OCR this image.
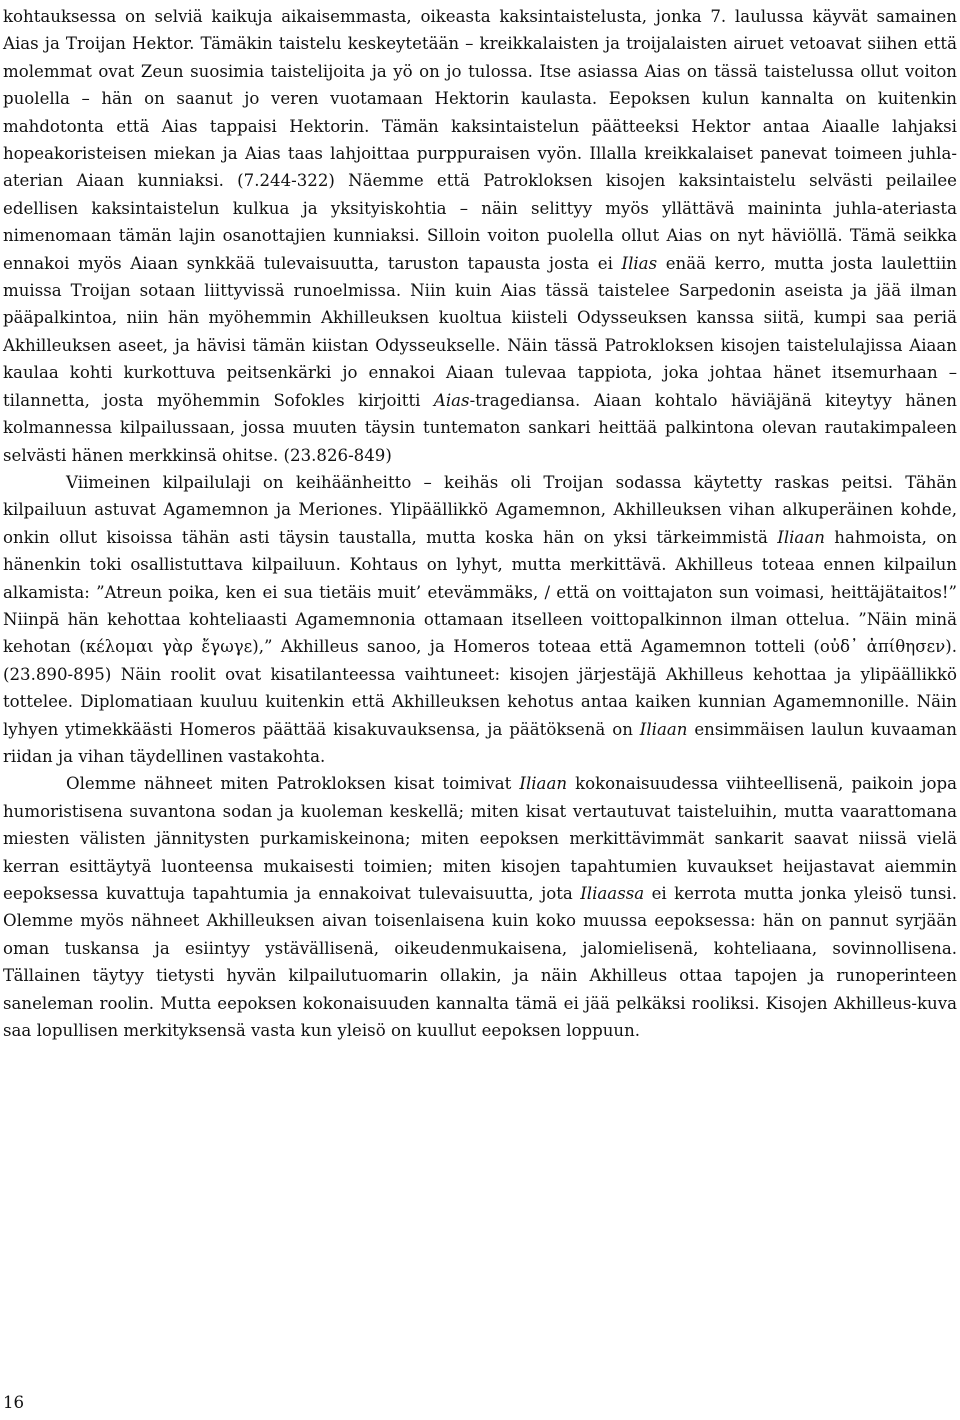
kohtauksessa on selviä kaikuja aikaisemmasta, oikeasta kaksintaistelusta, jonka 7. laulussa käyvät samainen Aias ja Troijan Hektor. Tämäkin taistelu keskeytetään – kreikkalaisten ja troijalaisten airuet vetoavat siihen että molemmat ovat Zeun suosimia taistelijoita ja yö on jo tulossa. Itse asiassa Aias on tässä taistelussa ollut voiton puolella – hän on saanut jo veren vuotamaan Hektorin kaulasta. Eepoksen kulun kannalta on kuitenkin mahdotonta että Aias tappaisi Hektorin. Tämän kaksintaistelun päätteeksi Hektor antaa Aiaalle lahjaksi hopeakoristeisen miekan ja Aias taas lahjoittaa purppuraisen vyön. Illalla kreikkalaiset panevat toimeen juhlaaterian Aiaan kunniaksi. (7.244-322) Näemme että Patrokloksen kisojen kaksintaistelu selvästi peilailee edellisen kaksintaistelun kulkua ja yksityiskohtia – näin selittyy myös yllättävä maininta juhla-ateriasta nimenomaan tämän lajin osanottajien kunniaksi. Silloin voiton puolella ollut Aias on nyt häviöllä. Tämä seikka ennakoi myös Aiaan synkkää tulevaisuutta, taruston tapausta josta ei Ilias enää kerro, mutta josta laulettiin muissa Troijan sotaan liittyvissä runoelmissa. Niin kuin Aias tässä taistelee Sarpedonin aseista ja jää ilman pääpalkintoa, niin hän myöhemmin Akhilleuksen kuoltua kiisteli Odysseuksen kanssa siitä, kumpi saa periä Akhilleuksen aseet, ja hävisi tämän kiistan Odysseukselle. Näin tässä Patrokloksen kisojen taistelulajissa Aiaan kaulaa kohti kurkottuva peitsenkärki jo ennakoi Aiaan tulevaa tappiota, joka johtaa hänet itsemurhaan – tilannetta, josta myöhemmin Sofokles kirjoitti Aias-tragediansa. Aiaan kohtalo häviäjänä kiteytyy hänen kolmannessa kilpailussaan, jossa muuten täysin tuntematon sankari heittää palkintona olevan rautakimpaleen selvästi hänen merkkinsä ohitse. (23.826-849)

Viimeinen kilpailulaji on keihäänheitto – keihäs oli Troijan sodassa käytetty raskas peitsi. Tähän kilpailuun astuvat Agamemnon ja Meriones. Ylipäällikkö Agamemnon, Akhilleuksen vihan alkuperäinen kohde, onkin ollut kisoissa tähän asti täysin taustalla, mutta koska hän on yksi tärkeimmistä Iliaan hahmoista, on hänenkin toki osallistuttava kilpailuun. Kohtaus on lyhyt, mutta merkittävä. Akhilleus toteaa ennen kilpailun alkamista: ”Atreun poika, ken ei sua tietäis muit’ etevämmäks, / että on voittajaton sun voimasi, heittäjätaitos!” Niinpä hän kehottaa kohteliaasti Agamemnonia ottamaan itselleen voittopalkinnon ilman ottelua. ”Näin minä kehotan (κέλομαι γὰρ ἔγωγε),” Akhilleus sanoo, ja Homeros toteaa että Agamemnon totteli (οὐδ᾽ ἀπίθησεν). (23.890-895) Näin roolit ovat kisatilanteessa vaihtuneet: kisojen järjestäjä Akhilleus kehottaa ja ylipäällikkö tottelee. Diplomatiaan kuuluu kuitenkin että Akhilleuksen kehotus antaa kaiken kunnian Agamemnonille. Näin lyhyen ytimekkäästi Homeros päättää kisakuvauksensa, ja päätöksenä on Iliaan ensimmäisen laulun kuvaaman riidan ja vihan täydellinen vastakohta.

Olemme nähneet miten Patrokloksen kisat toimivat Iliaan kokonaisuudessa viihteellisenä, paikoin jopa humoristisena suvantona sodan ja kuoleman keskellä; miten kisat vertautuvat taisteluihin, mutta vaarattomana miesten välisten jännitysten purkamiskeinona; miten eepoksen merkittävimmät sankarit saavat niissä vielä kerran esittäytyä luonteensa mukaisesti toimien; miten kisojen tapahtumien kuvaukset heijastavat aiemmin eepoksessa kuvattuja tapahtumia ja ennakoivat tulevaisuutta, jota Iliaassa ei kerrota mutta jonka yleisö tunsi. Olemme myös nähneet Akhilleuksen aivan toisenlaisena kuin koko muussa eepoksessa: hän on pannut syrjään oman tuskansa ja esiintyy ystävällisenä, oikeudenmukaisena, jalomielisenä, kohteliaana, sovinnollisena. Tällainen täytyy tietysti hyvän kilpailutuomarin ollakin, ja näin Akhilleus ottaa tapojen ja runoperinteen saneleman roolin. Mutta eepoksen kokonaisuuden kannalta tämä ei jää pelkäksi rooliksi. Kisojen Akhilleus-kuva saa lopullisen merkityksensä vasta kun yleisö on kuullut eepoksen loppuun.

16
